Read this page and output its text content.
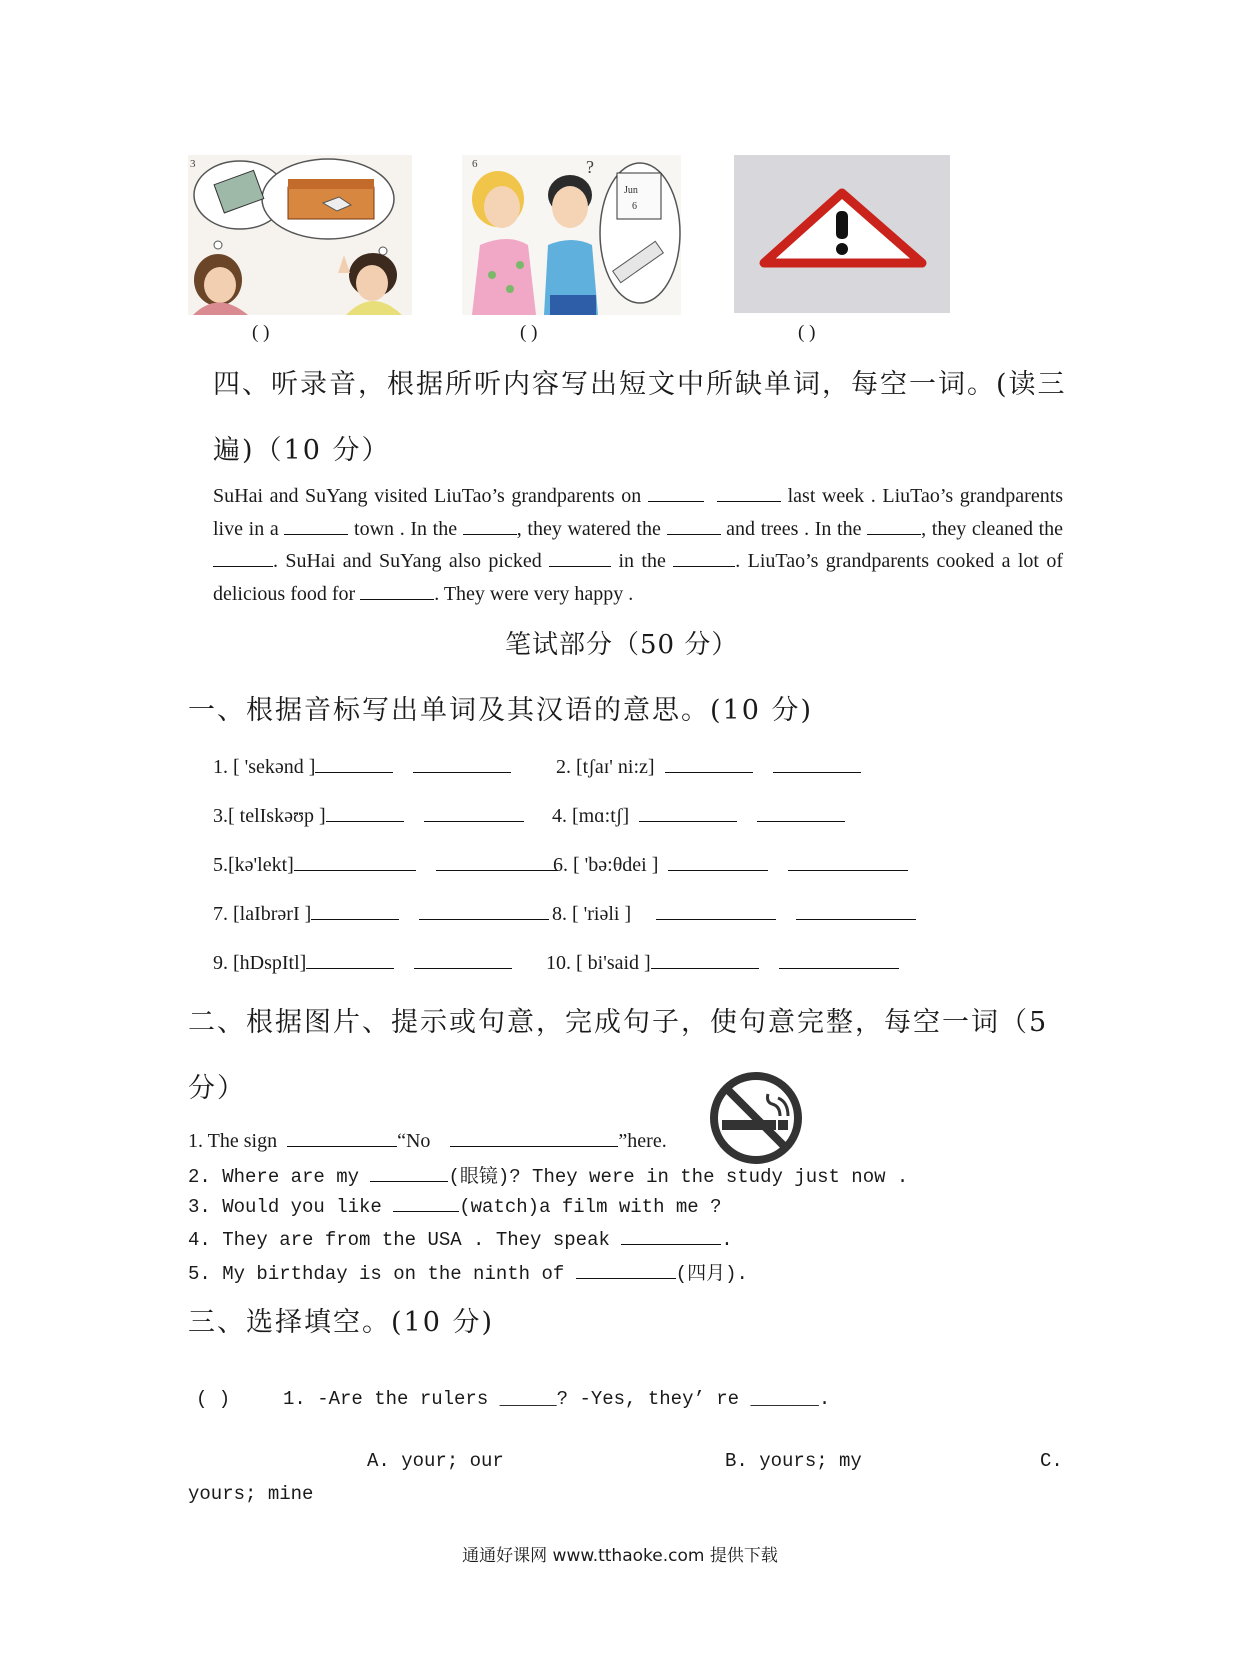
3
( )
6
Jun
6
?
( )	( )
四、听录音，根据所听内容写出短文中所缺单词，每空一词。(读三
遍)（10 分）
SuHai and SuYang visited LiuTao’s grandparents on	last week . LiuTao’s grandparents live in a	town . In the	, they watered the	and trees . In the	, they cleaned the . SuHai and SuYang also picked	in the	. LiuTao’s grandparents cooked a lot of delicious food for	. They were very happy .
笔试部分（50 分）
一、根据音标写出单词及其汉语的意思。(10 分)
1. [ 'sekənd ]	2. [tʃaɪ' ni:z]
3.[ telIskəʊp ]	4. [mɑ:tʃ]
5.[kə'lekt]	6. [ 'bə:θdei ]
7. [laIbrərI ]	8. [ 'riəli ]
9. [hDspItl]	10. [ bi'said ]
二、根据图片、提示或句意，完成句子，使句意完整，每空一词（5
分）
1. The sign	“No	”here.
2. Where are my	(眼镜)? They were in the study just now .
3. Would you like	(watch)a film with me ?
4. They are from the USA . They speak	.
5. My birthday is on the ninth of	(四月).
三、选择填空。(10 分)
( )	1. -Are the rulers _____? -Yes, they’ re ______.
A. your; our	B. yours; my	C.
yours; mine
通通好课网 www.tthaoke.com 提供下载
